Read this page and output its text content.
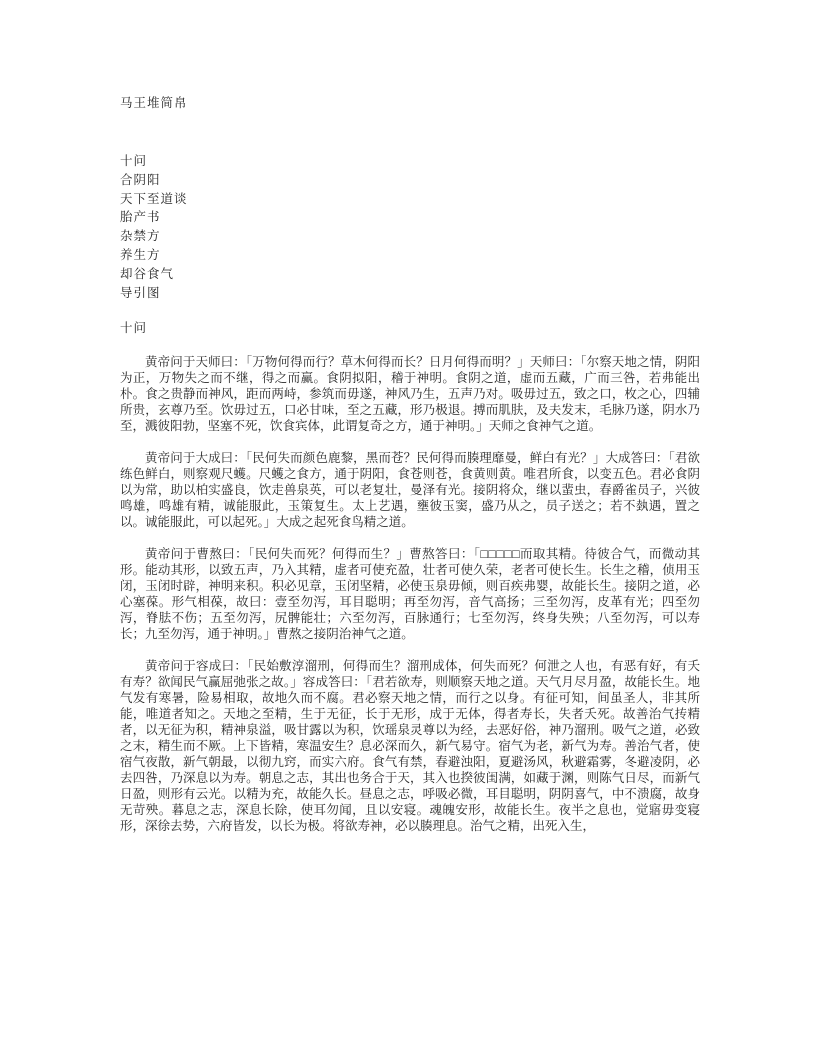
马王堆简帛
十问
合阴阳
天下至道谈
胎产书
杂禁方
养生方
却谷食气
导引图
十问

黄帝问于天师曰：「万物何得而行？草木何得而长？日月何得而明？」天师曰：「尔察天地之情，阴阳为正，万物失之而不继，得之而赢。食阴拟阳，稽于神明。食阴之道，虚而五藏，广而三咎，若弗能出朴。食之贵静而神风，距而两峙，参筑而毋遂，神风乃生，五声乃对。吸毋过五，致之口，枚之心，四辅所贵，玄尊乃至。饮毋过五，口必甘味，至之五藏，形乃极退。搏而肌肤，及夫发末，毛脉乃遂，阴水乃至，溅彼阳勃，坚塞不死，饮食宾体，此谓复奇之方，通于神明。」天师之食神气之道。

黄帝问于大成曰：「民何失而颜色鹿黎，黑而苍？民何得而腠理靡曼，鲜白有光？」大成答曰：「君欲练色鲜白，则察观尺蠖。尺蠖之食方，通于阴阳，食苍则苍，食黄则黄。唯君所食，以变五色。君必食阴以为常，助以柏实盛良，饮走兽泉英，可以老复壮，曼泽有光。接阴将众，继以蜚虫，春爵雀员子，兴彼鸣雄，鸣雄有精，诚能服此，玉策复生。太上艺遇，壅彼玉窦，盛乃从之，员子送之；若不埶遇，置之以。诚能服此，可以起死。」大成之起死食鸟精之道。

黄帝问于曹熬曰：「民何失而死？何得而生？」曹熬答曰：「□□□□□而取其精。待彼合气，而微动其形。能动其形，以致五声，乃入其精，虚者可使充盈，壮者可使久荣，老者可使长生。长生之稽，侦用玉闭，玉闭时辟，神明来积。积必见章，玉闭坚精，必使玉泉毋倾，则百疾弗婴，故能长生。接阴之道，必心塞葆。形气相葆，故曰：壹至勿泻，耳目聪明；再至勿泻，音气高扬；三至勿泻，皮革有光；四至勿泻，脊胠不伤；五至勿泻，尻髀能壮；六至勿泻，百脉通行；七至勿泻，终身失殃；八至勿泻，可以寿长；九至勿泻，通于神明。」曹熬之接阴治神气之道。

黄帝问于容成曰：「民始敷淳溜刑，何得而生？溜刑成体，何失而死？何泄之人也，有恶有好，有夭有寿？欲闻民气赢屈弛张之故。」容成答曰：「君若欲寿，则顺察天地之道。天气月尽月盈，故能长生。地气发有寒暑，险易相取，故地久而不腐。君必察天地之情，而行之以身。有征可知，间虽圣人，非其所能，唯道者知之。天地之至精，生于无征，长于无形，成于无体，得者寿长，失者夭死。故善治气抟精者，以无征为积，精神泉溢，吸甘露以为积，饮瑶泉灵尊以为经，去恶好俗，神乃溜刑。吸气之道，必致之末，精生而不厥。上下皆精，寒温安生？息必深而久，新气易守。宿气为老，新气为寿。善治气者，使宿气夜散，新气朝最，以彻九窍，而实六府。食气有禁，春避浊阳，夏避汤风，秋避霜雾，冬避凌阴，必去四咎，乃深息以为寿。朝息之志，其出也务合于天，其入也揆彼闺满，如藏于渊，则陈气日尽，而新气日盈，则形有云光。以精为充，故能久长。昼息之志，呼吸必微，耳目聪明，阴阴喜气，中不溃腐，故身无苛殃。暮息之志，深息长除，使耳勿闻，且以安寝。魂魄安形，故能长生。夜半之息也，觉寤毋变寝形，深徐去势，六府皆发，以长为极。将欲寿神，必以腠理息。治气之精，出死入生，
